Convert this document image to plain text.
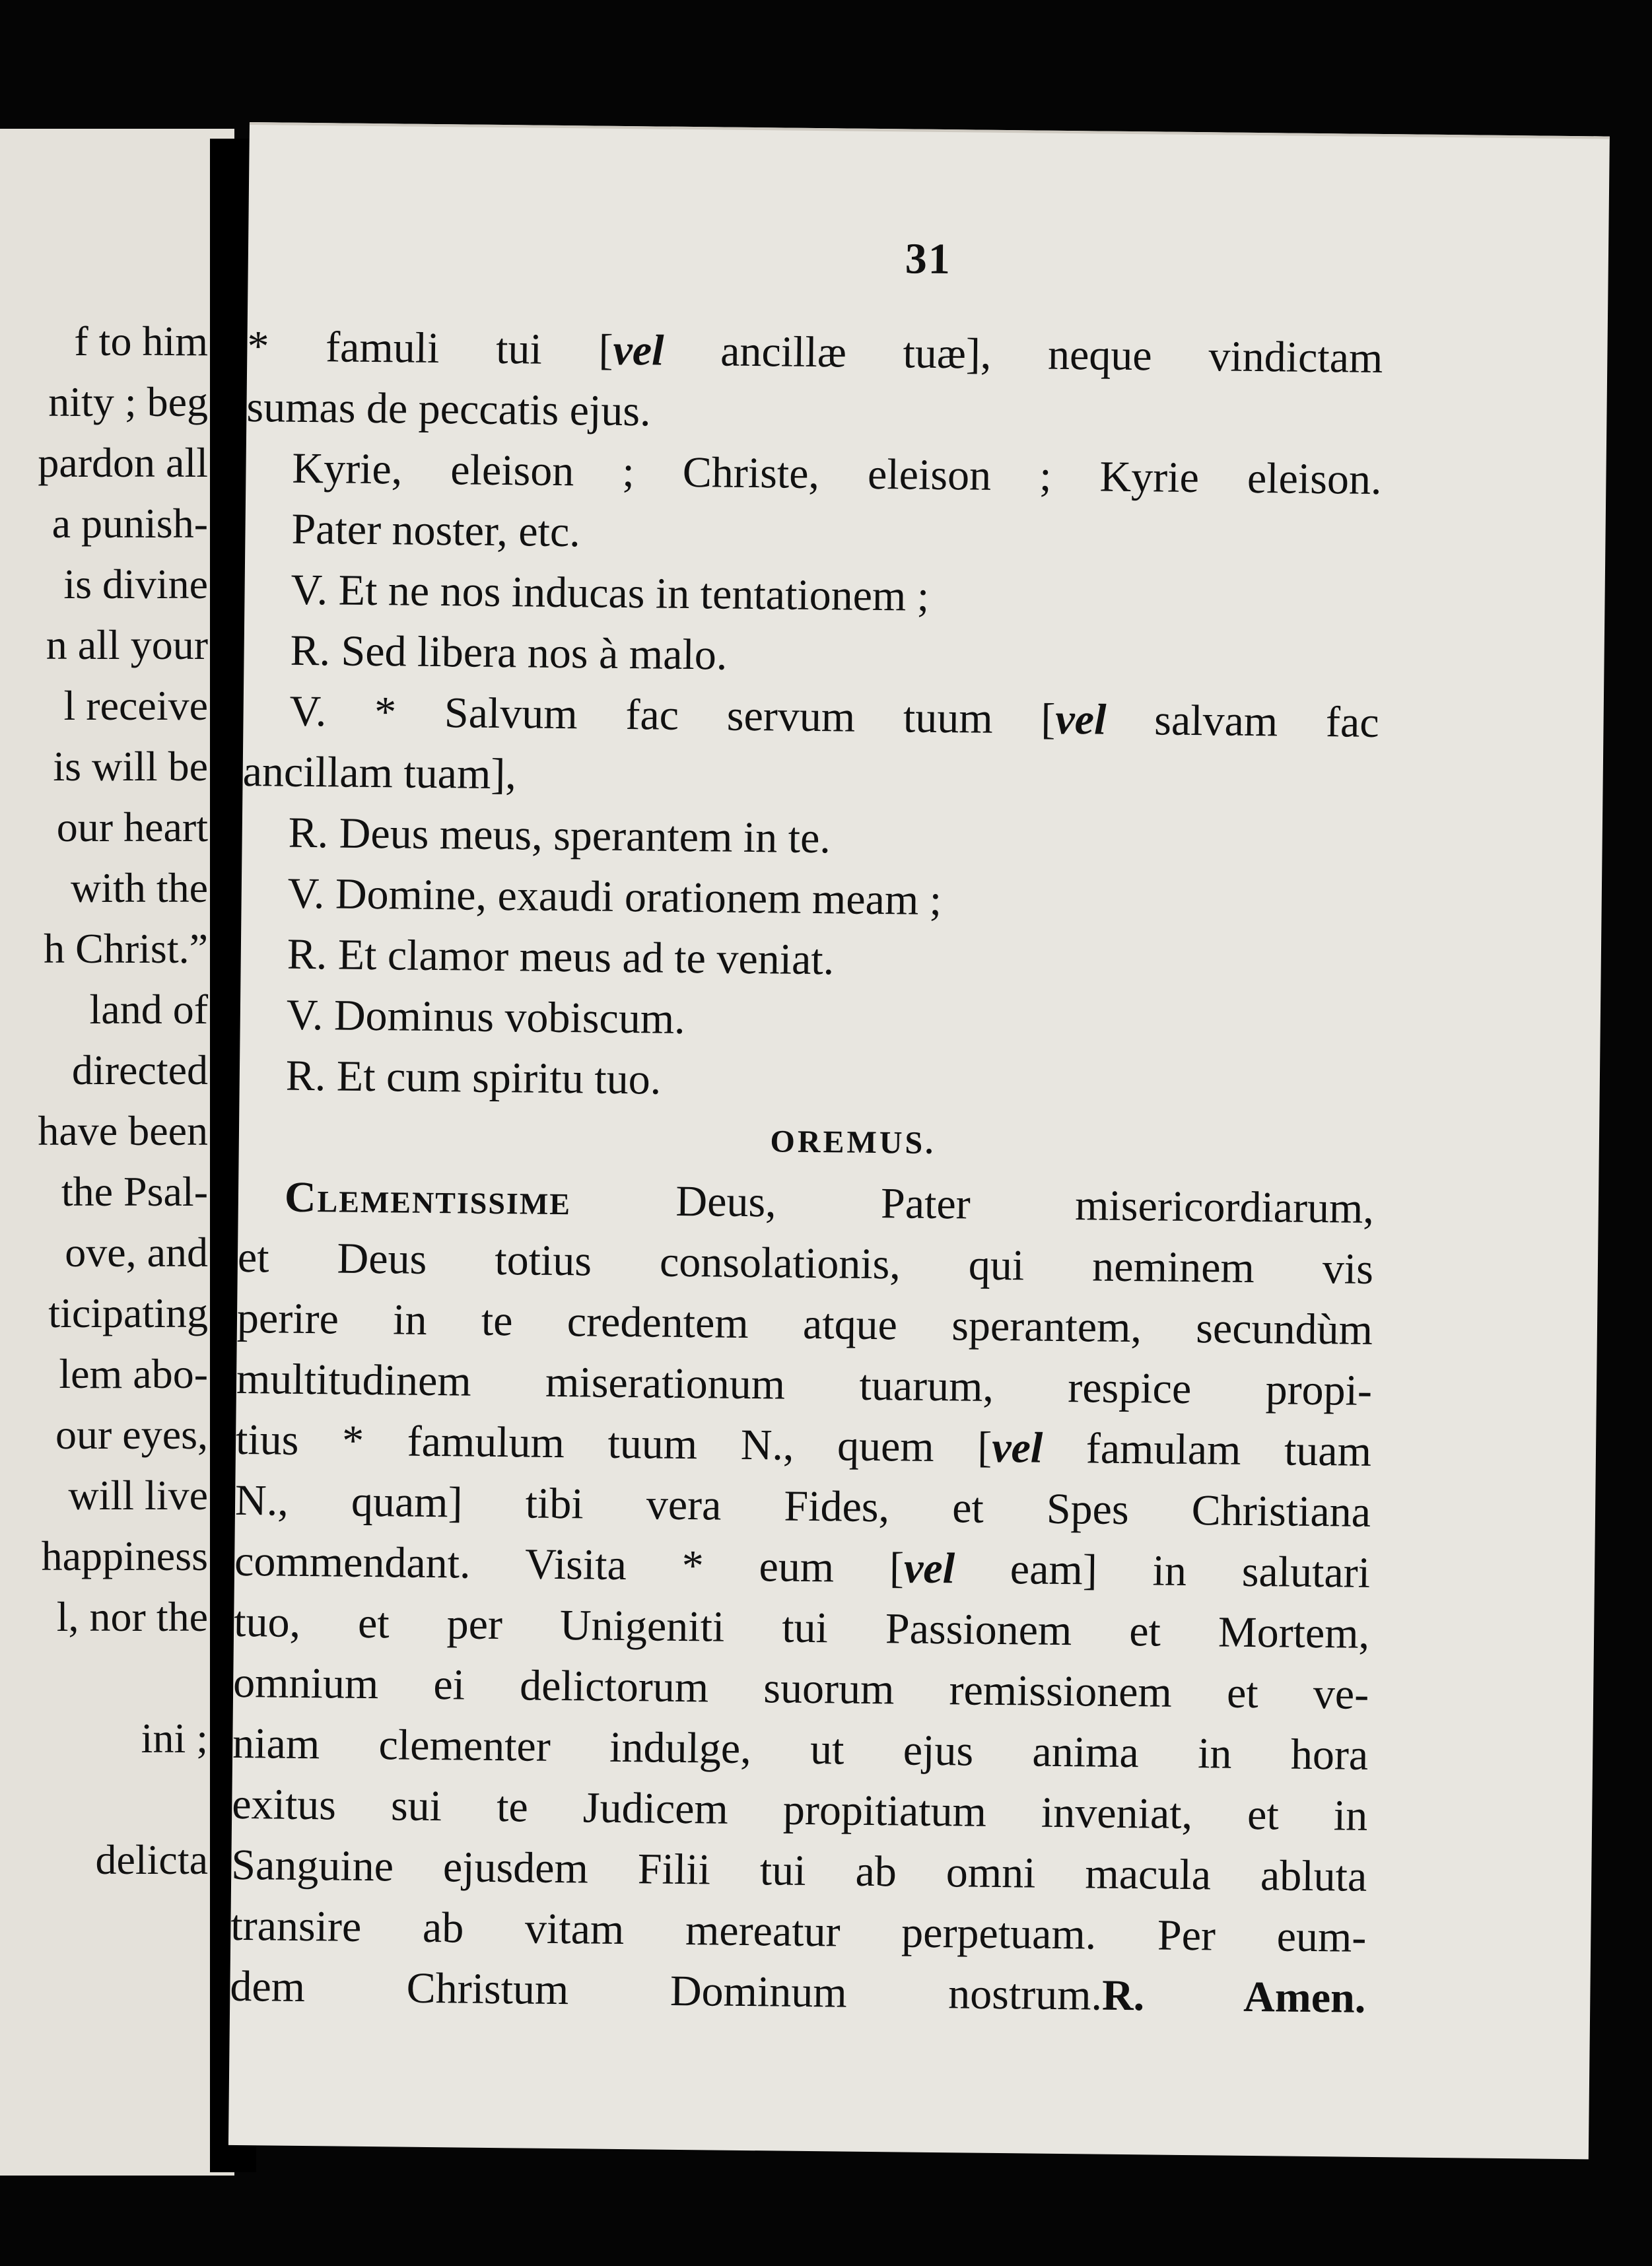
f to him
nity ; beg
pardon all
a punish-
is divine
n all your
l receive
is will be
our heart
with the
h Christ.”
land of
directed
have been
the Psal-
ove, and
ticipating
lem abo-
our eyes,
will live
happiness
l, nor the
ini ;
delicta
31
* famuli tui [vel ancillæ tuæ], neque vindictam
sumas de peccatis ejus.
Kyrie, eleison ; Christe, eleison ; Kyrie eleison.
Pater noster, etc.
V. Et ne nos inducas in tentationem ;
R. Sed libera nos à malo.
V. * Salvum fac servum tuum [vel salvam fac
ancillam tuam],
R. Deus meus, sperantem in te.
V. Domine, exaudi orationem meam ;
R. Et clamor meus ad te veniat.
V. Dominus vobiscum.
R. Et cum spiritu tuo.
OREMUS.
Clementissime Deus, Pater misericordiarum,
et Deus totius consolationis, qui neminem vis
perire in te credentem atque sperantem, secundùm
multitudinem miserationum tuarum, respice propi-
tius * famulum tuum N., quem [vel famulam tuam
N., quam] tibi vera Fides, et Spes Christiana
commendant. Visita * eum [vel eam] in salutari
tuo, et per Unigeniti tui Passionem et Mortem,
omnium ei delictorum suorum remissionem et ve-
niam clementer indulge, ut ejus anima in hora
exitus sui te Judicem propitiatum inveniat, et in
Sanguine ejusdem Filii tui ab omni macula abluta
transire ab vitam mereatur perpetuam. Per eum-
dem Christum Dominum nostrum.R. Amen.
